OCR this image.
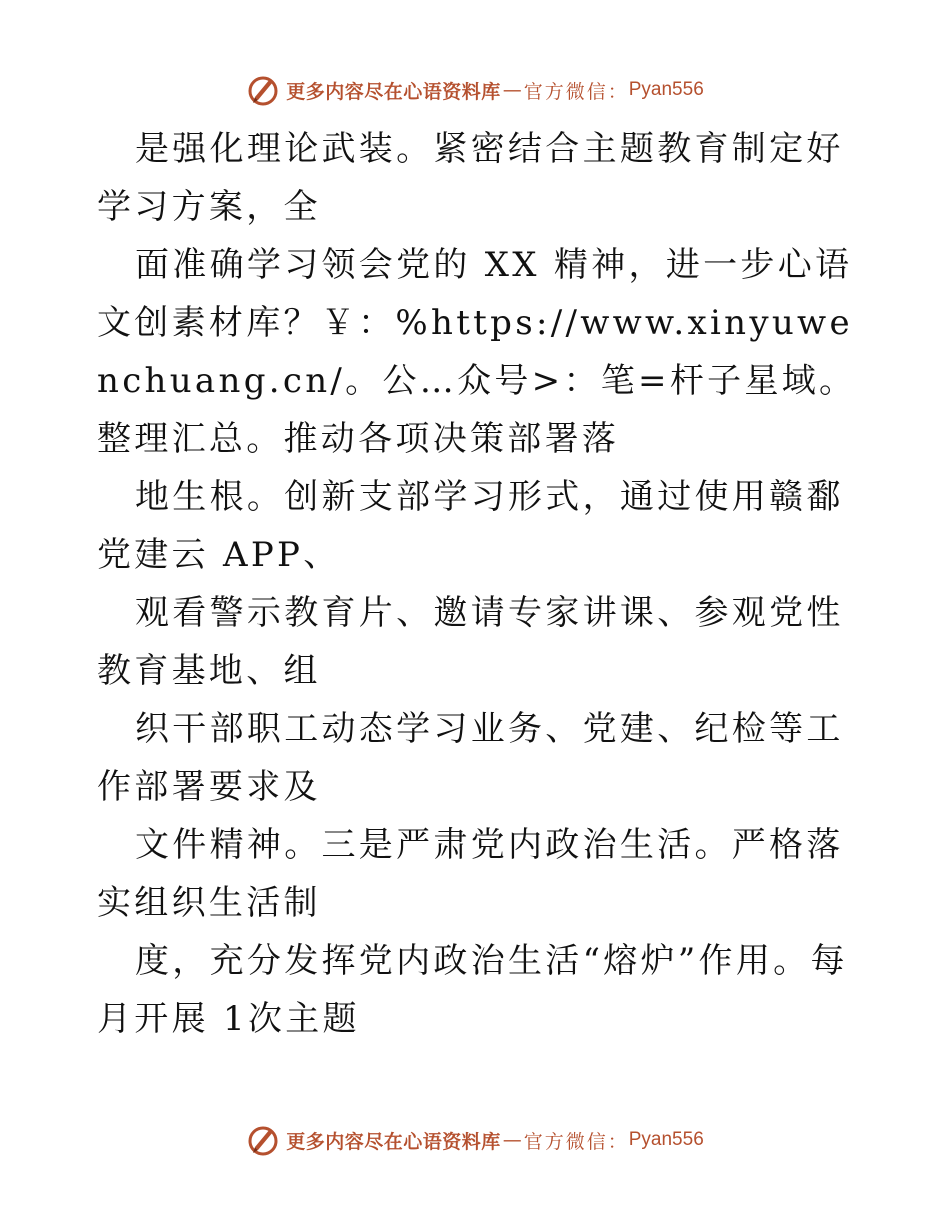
更多内容尽在心语资料库 — 官方微信： Pyan556

是强化理论武装。紧密结合主题教育制定好学习方案，全

面准确学习领会党的 XX 精神，进一步心语文创素材库？￥：%https://www.xinyuwenchuang.cn/。公…众号>：笔=杆子星域。整理汇总。推动各项决策部署落

地生根。创新支部学习形式，通过使用赣鄱党建云 APP、

观看警示教育片、邀请专家讲课、参观党性教育基地、组

织干部职工动态学习业务、党建、纪检等工作部署要求及

文件精神。三是严肃党内政治生活。严格落实组织生活制

度，充分发挥党内政治生活“熔炉”作用。每月开展 1次主题

更多内容尽在心语资料库 — 官方微信： Pyan556
